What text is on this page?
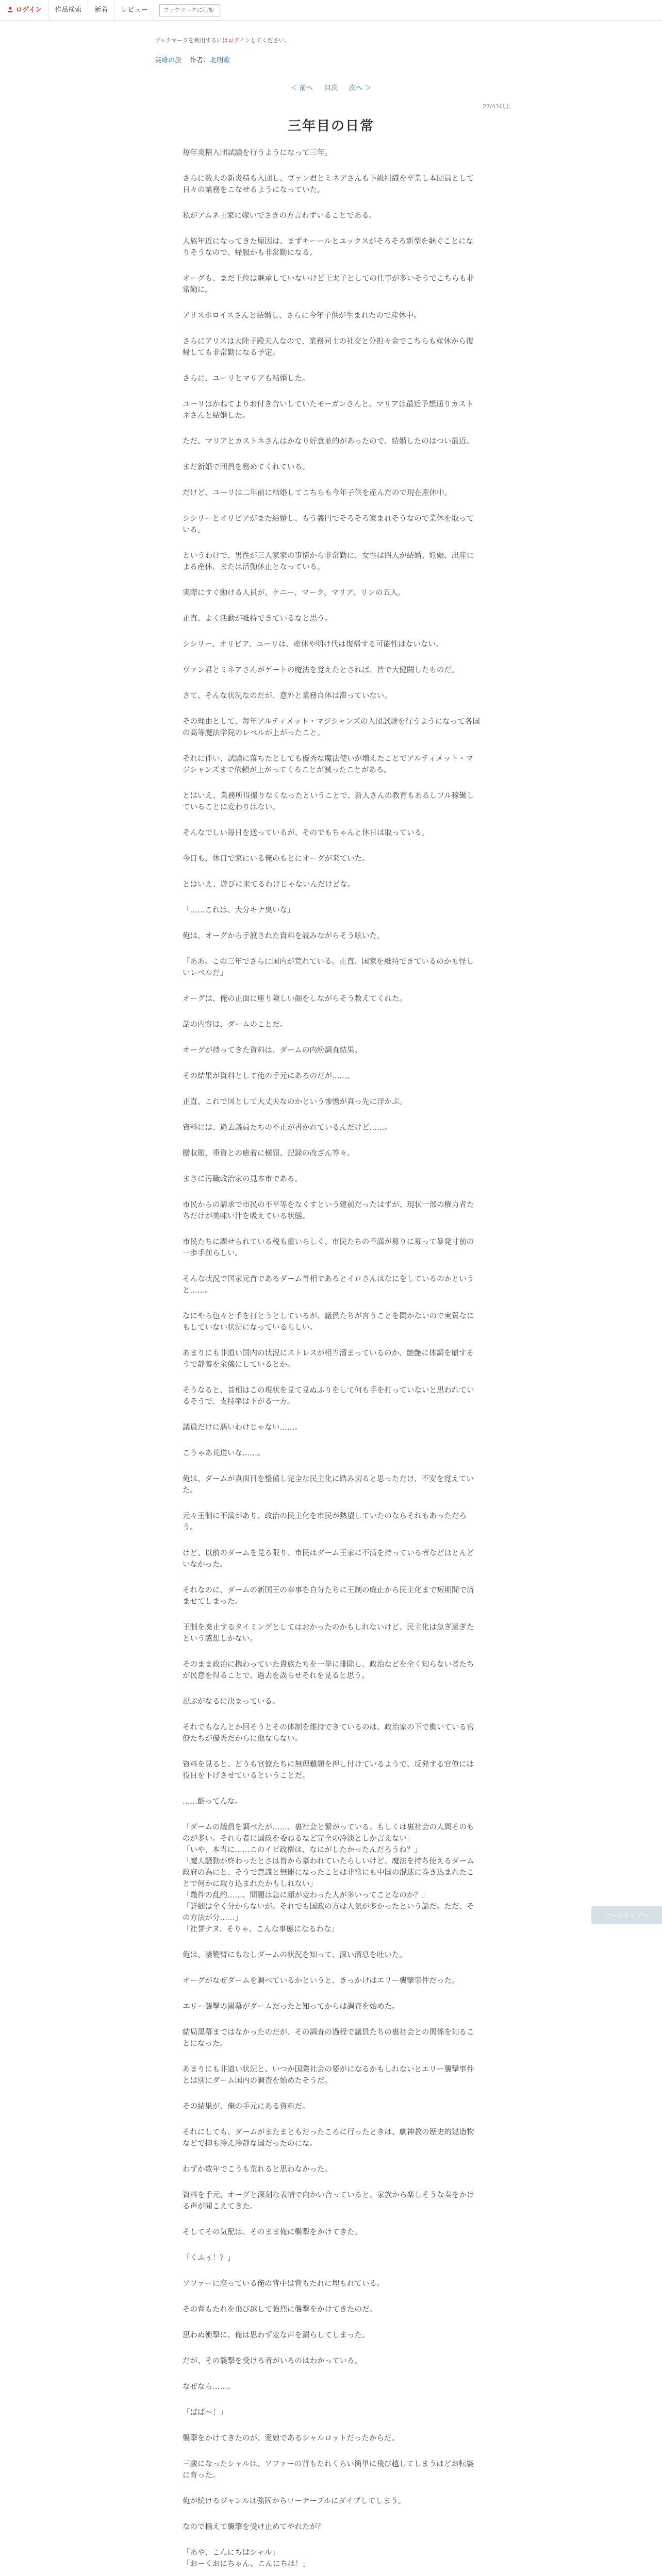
ログイン	作品検索	新着	レビュー
ブックマークに追加
ブックマークを利用するにはログインしてください。
英雄の旅 作者：北明歌
＜ 前へ 目次 次へ ＞
27/43以上
三年目の日常

毎年炎精入団試験を行うようになって三年。

さらに数人の新炎精も入団し、ヴァン君とミネアさんも下級組織を卒業し本団員として日々の業務をこなせるようになっていた。

私がアムネ王家に嫁いでさきの方言わずいることである。

人族年近になってきた原因は、まずキーールとユックスがそろそろ新型を継ぐことになりそうなので、帰服かも非常勤になる。

オーグも、まだ王位は継承していないけど王太子としての仕事が多いそうでこちらも非常勤に。

アリスポロイスさんと結婚し、さらに今年子供が生まれたので産休中。

さらにアリスは大陸子殿夫人なので、業務同士の社交と分担々金でこちらも産休から復帰しても非常勤になる予定。

さらに、ユーリとマリアも結婚した。

ユーリはかねてよりお付き合いしていたモーガンさんと、マリアは最近予想通りカストネさんと結婚した。

ただ、マリアとカストネさんはかなり好意並的があったので、結婚したのはつい最近。

まだ新婚で団員を務めてくれている。

だけど、ユーリは二年前に結婚してこちらも今年子供を産んだので現在産休中。

シシリーとオリビアがまた結婚し、もう義円でそろそろ家まれそうなので業休を取っている。

というわけで、男性が三人家家の事情から非常勤に、女性は四人が結婚、妊娠、出産による産休、または活動休止となっている。

実際にすぐ動ける人員が、ケニー、マーク、マリア、リンの五人。

正直、よく活動が維持できているなと思う。

シシリー、オリビア、ユーリは、産休や明け代は復帰する可能性はないない。

ヴァン君とミネアさんがゲートの魔法を覚えたとされば、皆で大健闘したものだ。

さて、そんな状況なのだが、意外と業務自体は滞っていない。

その理由として、毎年アルティメット・マジシャンズの入団試験を行うようになって各国の高等魔法学院のレベルが上がったこと。

それに伴い、試験に落ちたとしても優秀な魔法使いが増えたことでアルティメット・マジシャンズまで依頼が上がってくることが減ったことがある。

とはいえ、業務所得撮りなくなったということで、新人さんの教育もあるしフル稼働していることに変わりはない。

そんなでしい毎日を送っているが、そのでもちゃんと休日は取っている。

今日も、休日で家にいる俺のもとにオーグが来ていた。

とはいえ、遊びに来てるわけじゃないんだけどな。

「……これは、大分キナ臭いな」

俺は、オーグから手渡された資料を読みながらそう呟いた。

「ああ。この三年でさらに国内が荒れている。正直、国家を維持できているのかも怪しいレベルだ」

オーグは、俺の正面に座り険しい顔をしながらそう教えてくれた。

話の内容は、ダームのことだ。

オーグが持ってきた資料は、ダームの内紛調査結果。

その結果が資料として俺の手元にあるのだが……。

正直、これで国として大丈夫なのかという惨憺が真っ先に浮かぶ。

資料には、過去議員たちの不正が書かれているんだけど……。

贈収賄、重資との癒着に横領、記録の改ざん等々。

まさに汚職政治家の見本市である。

市民からの請求で市民の不平等をなくすという建前だったはずが、現状一部の権力者たちだけが美味い汁を吸えている状態。

市民たちに課せられている税も重いらしく、市民たちの不満が募りに募って暴発寸前の一歩手前らしい。

そんな状況で国家元首であるダーム首相であるとイロさんはなにをしているのかというと……。

なにやら色々と手を打とうとしているが、議員たちが言うことを聞かないので実質なにもしていない状況になっているらしい。

あまりにも非道い国内の状況にストレスが相当溜まっているのか、艶艶に体調を崩すそうで静養を余儀にしているとか。

そうなると、首相はこの現状を見て見ぬふりをして何も手を打っていないと思われているそうで、支持率は下がる一方。

議員だけに悪いわけじゃない……。

こうゃあ荒道いな……。

俺は、ダームが真面目を整備し完全な民主化に踏み切ると思っただけ、不安を覚えていた。

元々王制に不満があり、政治の民主化を市民が熱望していたのならそれもあっただろう。

けど、以前のダームを見る限り、市民はダーム王家に不満を持っている者などほとんどいなかった。

それなのに、ダームの新国王の奉事を自分たちに王制の廃止から民主化まで短期間で済ませてしまった。

王制を廃止するタイミングとしてはおかったのかもしれないけど、民主化は急ぎ過ぎたという感想しかない。

そのまま政治に携わっていた貴族たちを一挙に排除し、政治などを全く知らない者たちが民意を得ることで、過去を誤らせそれを見ると思う。

忍ぶがなるに決まっている。

それでもなんとか回そうとその体制を維持できているのは、政治家の下で働いている官僚たちが優秀だからに他ならない。

資料を見ると、どうも官僚たちに無理難題を押し付けているようで、反発する官僚には役目を下げさせているということだ。

……酷ってんな。

「ダームの議員を調べたが……、裏社会と繋がっている。もしくは裏社会の人間そのものが多い。それら者に国政を委ねるなど完全の冷淡としか言えない」
「いや、本当に……このイビ政権は、なにがしたかったんだろうね？」
「魔人騒動が終わったとさは皆から慕われていたらしいけど、魔法を持ち使えるダーム政府の為にと、そうで意識と無能になったことは非常にも中国の混迷に巻き込まれたことで何かに取り込まれたかもしれない」
「幾件の乱約……、問題は急に顔が変わった人が多いってことなのか？」
「詳細は全く分からないが。それでも国政の方は人気が多かったという話だ。ただ、その方法が分……」
「社誉ナヌ、そりゃ、こんな事態になるわな」

俺は、凄鞭臂にもなしダームの状況を知って、深い溜息を吐いた。

オーグがなぜダームを調べているかというと、きっかけはエリー襲撃事件だった。

エリー襲撃の黒幕がダームだったと知ってからは調査を始めた。

結局黒幕まではなかったのだが、その調査の過程で議員たちの裏社会との関係を知ることになった。

あまりにも非道い状況と、いつか国際社会の要がになるかもしれないとエリー襲撃事件とは別にダーム国内の調査を始めたそうだ。

その結果が、俺の手元にある資料だ。

それにしても、ダームがまたまともだったころに行ったときは、劇神教の歴史的建造物などで抑も冷え冷静な国だったのにな。

わずか数年でこうも荒れると思わなかった。

資料を手元、オーグと深刻な表情で向かい合っていると、家族から楽しそうな奏をかける声が聞こえてきた。

そしてその気配は、そのまま俺に襲撃をかけてきた。

「くふぅ！？」

ソファーに座っている俺の背中は背もたれに埋もれている。

その背もたれを飛び越して強烈に襲撃をかけてきたのだ。

思わぬ衝撃に、俺は思わず変な声を漏らしてしまった。

だが、その襲撃を受ける者がいるのはわかっている。

なぜなら……。

「ばば〜！」

襲撃をかけてきたのが、愛娘であるシャルロットだったからだ。

三歳になったシャルは、ソファーの背もたれくらい簡単に飛び越してしまうほどお転婆に育った。

俺が続けるジャンルは強固からローテーブルにダイブしてしまう。

なので揃えて襲撃を受け止めてやれたが？

「あや、こんにちはシャル」
「おーくおにちゃん、こんにちは！」

ページトップへ
